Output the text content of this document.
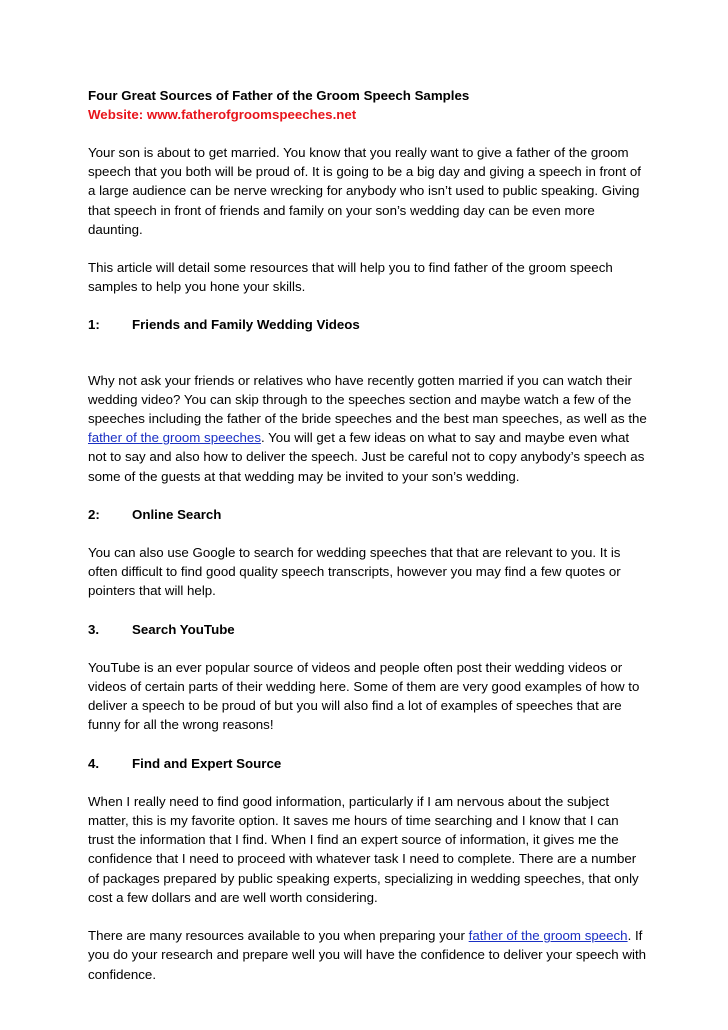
Four Great Sources of Father of the Groom Speech Samples

Website: www.fatherofgroomspeeches.net

Your son is about to get married. You know that you really want to give a father of the groom speech that you both will be proud of. It is going to be a big day and giving a speech in front of a large audience can be nerve wrecking for anybody who isn’t used to public speaking. Giving that speech in front of friends and family on your son’s wedding day can be even more daunting.

This article will detail some resources that will help you to find father of the groom speech samples to help you hone your skills.

1:	Friends and Family Wedding Videos

Why not ask your friends or relatives who have recently gotten married if you can watch their wedding video? You can skip through to the speeches section and maybe watch a few of the speeches including the father of the bride speeches and the best man speeches, as well as the father of the groom speeches. You will get a few ideas on what to say and maybe even what not to say and also how to deliver the speech. Just be careful not to copy anybody’s speech as some of the guests at that wedding may be invited to your son’s wedding.

2:	Online Search

You can also use Google to search for wedding speeches that that are relevant to you. It is often difficult to find good quality speech transcripts, however you may find a few quotes or pointers that will help.

3.	Search YouTube

YouTube is an ever popular source of videos and people often post their wedding videos or videos of certain parts of their wedding here. Some of them are very good examples of how to deliver a speech to be proud of but you will also find a lot of examples of speeches that are funny for all the wrong reasons!

4.	Find and Expert Source

When I really need to find good information, particularly if I am nervous about the subject matter, this is my favorite option. It saves me hours of time searching and I know that I can trust the information that I find. When I find an expert source of information, it gives me the confidence that I need to proceed with whatever task I need to complete. There are a number of packages prepared by public speaking experts, specializing in wedding speeches, that only cost a few dollars and are well worth considering.

There are many resources available to you when preparing your father of the groom speech. If you do your research and prepare well you will have the confidence to deliver your speech with confidence.
